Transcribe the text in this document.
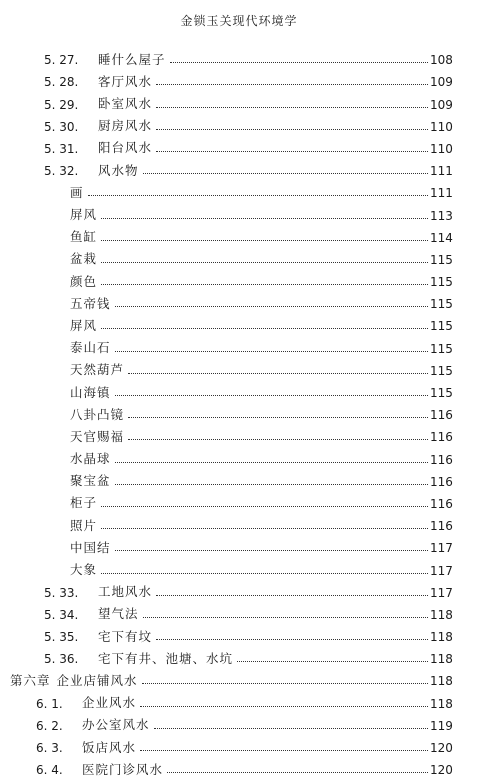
金锁玉关现代环境学
5. 27.	睡什么屋子	108
5. 28.	客厅风水	109
5. 29.	卧室风水	109
5. 30.	厨房风水	110
5. 31.	阳台风水	110
5. 32.	风水物	111
画	111
屏风	113
鱼缸	114
盆栽	115
颜色	115
五帝钱	115
屏风	115
泰山石	115
天然葫芦	115
山海镇	115
八卦凸镜	116
天官赐福	116
水晶球	116
聚宝盆	116
柜子	116
照片	116
中国结	117
大象	117
5. 33.	工地风水	117
5. 34.	望气法	118
5. 35.	宅下有坟	118
5. 36.	宅下有井、池塘、水坑	118
第六章 企业店铺风水	118
6. 1.	企业风水	118
6. 2.	办公室风水	119
6. 3.	饭店风水	120
6. 4.	医院门诊风水	120
